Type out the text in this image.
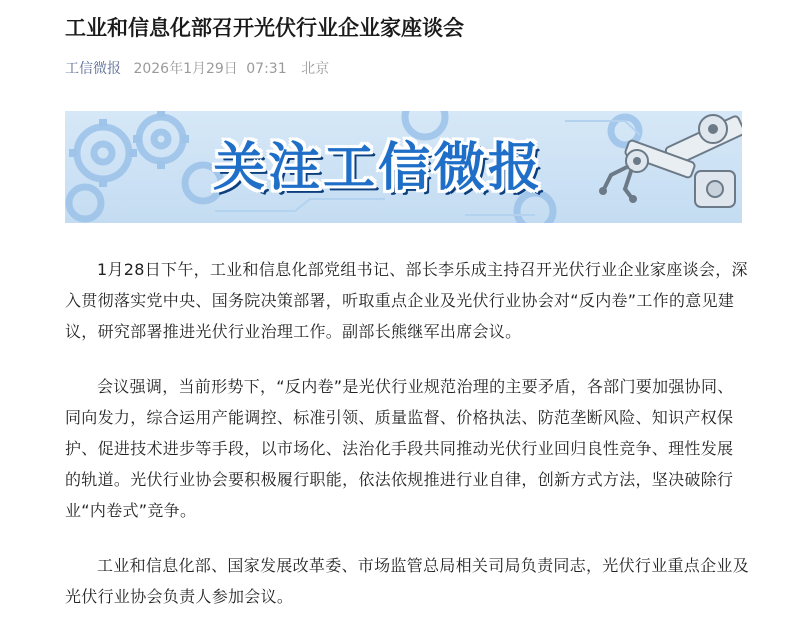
工业和信息化部召开光伏行业企业家座谈会
工信微报 2026年1月29日 07:31 北京
关注工信微报

1月28日下午，工业和信息化部党组书记、部长李乐成主持召开光伏行业企业家座谈会，深入贯彻落实党中央、国务院决策部署，听取重点企业及光伏行业协会对“反内卷”工作的意见建议，研究部署推进光伏行业治理工作。副部长熊继军出席会议。

会议强调，当前形势下，“反内卷”是光伏行业规范治理的主要矛盾，各部门要加强协同、同向发力，综合运用产能调控、标准引领、质量监督、价格执法、防范垄断风险、知识产权保护、促进技术进步等手段，以市场化、法治化手段共同推动光伏行业回归良性竞争、理性发展的轨道。光伏行业协会要积极履行职能，依法依规推进行业自律，创新方式方法，坚决破除行业“内卷式”竞争。

工业和信息化部、国家发展改革委、市场监管总局相关司局负责同志，光伏行业重点企业及光伏行业协会负责人参加会议。
